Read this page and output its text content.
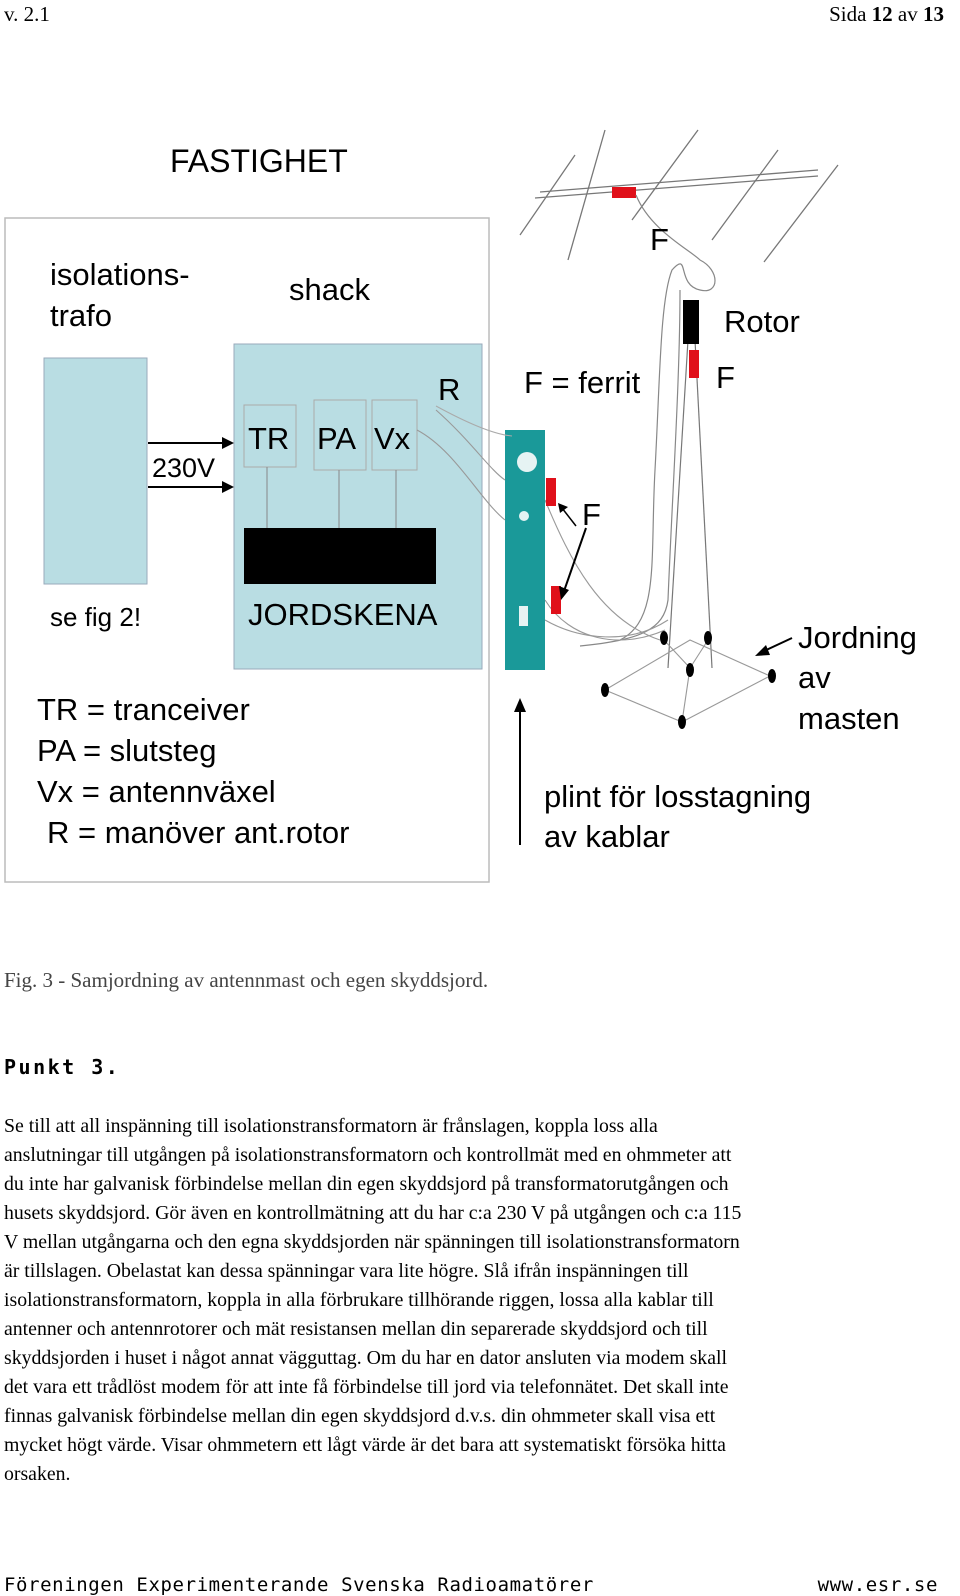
v. 2.1	Sida 12 av 13
FASTIGHET
isolations-
trafo
shack
230V
TR PA Vx
R F = ferrit
F
Rotor
F
F
se fig 2!	JORDSKENA
Jordning
av
masten
TR = tranceiver
PA = slutsteg
Vx = antennväxel
R = manöver ant.rotor
plint för losstagning
av kablar
Fig. 3 - Samjordning av antennmast och egen skyddsjord.
Punkt 3.
Se till att all inspänning till isolationstransformatorn är frånslagen, koppla loss alla
anslutningar till utgången på isolationstransformatorn och kontrollmät med en ohmmeter att
du inte har galvanisk förbindelse mellan din egen skyddsjord på transformatorutgången och
husets skyddsjord. Gör även en kontrollmätning att du har c:a 230 V på utgången och c:a 115
V mellan utgångarna och den egna skyddsjorden när spänningen till isolationstransformatorn
är tillslagen. Obelastat kan dessa spänningar vara lite högre. Slå ifrån inspänningen till
isolationstransformatorn, koppla in alla förbrukare tillhörande riggen, lossa alla kablar till
antenner och antennrotorer och mät resistansen mellan din separerade skyddsjord och till
skyddsjorden i huset i något annat vägguttag. Om du har en dator ansluten via modem skall
det vara ett trådlöst modem för att inte få förbindelse till jord via telefonnätet. Det skall inte
finnas galvanisk förbindelse mellan din egen skyddsjord d.v.s. din ohmmeter skall visa ett
mycket högt värde. Visar ohmmetern ett lågt värde är det bara att systematiskt försöka hitta
orsaken.
Föreningen Experimenterande Svenska Radioamatörer	www.esr.se
